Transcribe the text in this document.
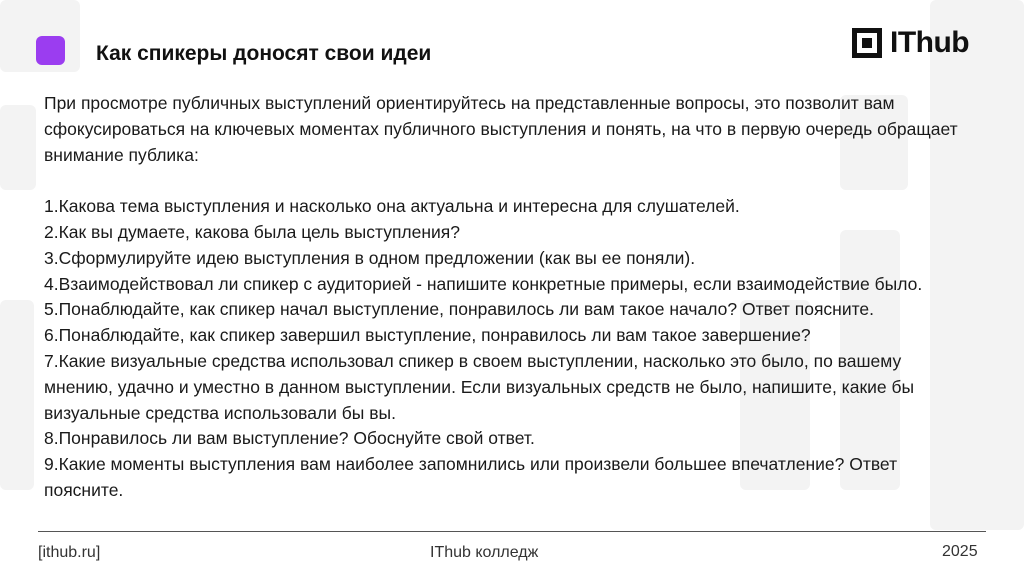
Как спикеры доносят свои идеи	IThub

При просмотре публичных выступлений ориентируйтесь на представленные вопросы, это позволит вам сфокусироваться на ключевых моментах публичного выступления и понять, на что в первую очередь обращает внимание публика:

1.Какова тема выступления и насколько она актуальна и интересна для слушателей.

2.Как вы думаете, какова была цель выступления?

3.Сформулируйте идею выступления в одном предложении (как вы ее поняли).

4.Взаимодействовал ли спикер с аудиторией - напишите конкретные примеры, если взаимодействие было.

5.Понаблюдайте, как спикер начал выступление, понравилось ли вам такое начало? Ответ поясните.

6.Понаблюдайте, как спикер завершил выступление, понравилось ли вам такое завершение?

7.Какие визуальные средства использовал спикер в своем выступлении, насколько это было, по вашему мнению, удачно и уместно в данном выступлении. Если визуальных средств не было, напишите, какие бы визуальные средства использовали бы вы.

8.Понравилось ли вам выступление? Обоснуйте свой ответ.

9.Какие моменты выступления вам наиболее запомнились или произвели большее впечатление? Ответ поясните.

[ithub.ru]	IThub колледж	2025
